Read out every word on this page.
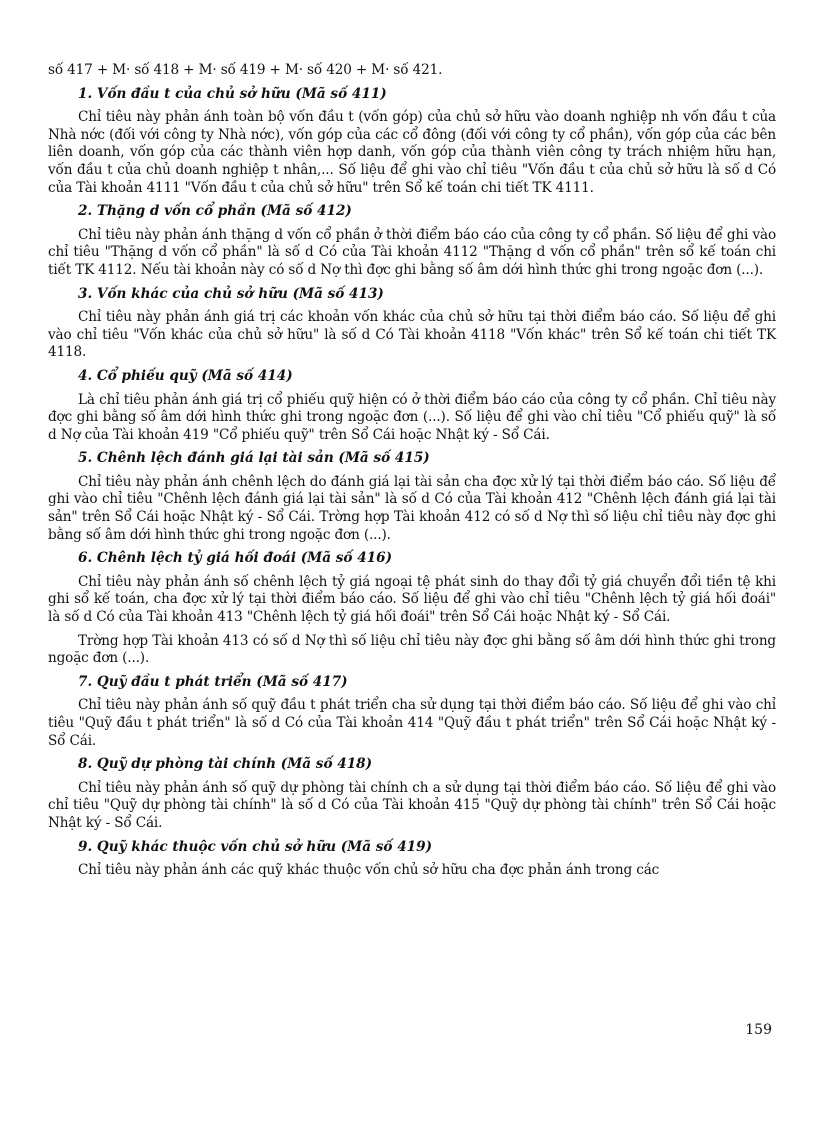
số 417 + M· số 418 + M· số 419 + M· số 420 + M· số 421.

1. Vốn đầu t của chủ sở hữu (Mã số 411)

Chỉ tiêu này phản ánh toàn bộ vốn đầu t (vốn góp) của chủ sở hữu vào doanh nghiệp nh vốn đầu t của Nhà nớc (đối với công ty Nhà nớc), vốn góp của các cổ đông (đối với công ty cổ phần), vốn góp của các bên liên doanh, vốn góp của các thành viên hợp danh, vốn góp của thành viên công ty trách nhiệm hữu hạn, vốn đầu t của chủ doanh nghiệp t nhân,... Số liệu để ghi vào chỉ tiêu "Vốn đầu t của chủ sở hữu là số d Có của Tài khoản 4111 "Vốn đầu t của chủ sở hữu" trên Sổ kế toán chi tiết TK 4111.

2. Thặng d vốn cổ phần (Mã số 412)

Chỉ tiêu này phản ánh thặng d vốn cổ phần ở thời điểm báo cáo của công ty cổ phần. Số liệu để ghi vào chỉ tiêu "Thặng d vốn cổ phần" là số d Có của Tài khoản 4112 "Thặng d vốn cổ phần" trên sổ kế toán chi tiết TK 4112. Nếu tài khoản này có số d Nợ thì đợc ghi bằng số âm dới hình thức ghi trong ngoặc đơn (...).

3. Vốn khác của chủ sở hữu (Mã số 413)

Chỉ tiêu này phản ánh giá trị các khoản vốn khác của chủ sở hữu tại thời điểm báo cáo. Số liệu để ghi vào chỉ tiêu "Vốn khác của chủ sở hữu" là số d Có Tài khoản 4118 "Vốn khác" trên Sổ kế toán chi tiết TK 4118.

4. Cổ phiếu quỹ (Mã số 414)

Là chỉ tiêu phản ánh giá trị cổ phiếu quỹ hiện có ở thời điểm báo cáo của công ty cổ phần. Chỉ tiêu này đợc ghi bằng số âm dới hình thức ghi trong ngoặc đơn (...). Số liệu để ghi vào chỉ tiêu "Cổ phiếu quỹ" là số d Nợ của Tài khoản 419 "Cổ phiếu quỹ" trên Sổ Cái hoặc Nhật ký - Sổ Cái.

5. Chênh lệch đánh giá lại tài sản (Mã số 415)

Chỉ tiêu này phản ánh chênh lệch do đánh giá lại tài sản cha đợc xử lý tại thời điểm báo cáo. Số liệu để ghi vào chỉ tiêu "Chênh lệch đánh giá lại tài sản" là số d Có của Tài khoản 412 "Chênh lệch đánh giá lại tài sản" trên Sổ Cái hoặc Nhật ký - Sổ Cái. Trờng hợp Tài khoản 412 có số d Nợ thì số liệu chỉ tiêu này đợc ghi bằng số âm dới hình thức ghi trong ngoặc đơn (...).

6. Chênh lệch tỷ giá hối đoái (Mã số 416)

Chỉ tiêu này phản ánh số chênh lệch tỷ giá ngoại tệ phát sinh do thay đổi tỷ giá chuyển đổi tiền tệ khi ghi sổ kế toán, cha đợc xử lý tại thời điểm báo cáo. Số liệu để ghi vào chỉ tiêu "Chênh lệch tỷ giá hối đoái" là số d Có của Tài khoản 413 "Chênh lệch tỷ giá hối đoái" trên Sổ Cái hoặc Nhật ký - Sổ Cái.

Trờng hợp Tài khoản 413 có số d Nợ thì số liệu chỉ tiêu này đợc ghi bằng số âm dới hình thức ghi trong ngoặc đơn (...).

7. Quỹ đầu t phát triển (Mã số 417)

Chỉ tiêu này phản ánh số quỹ đầu t phát triển cha sử dụng tại thời điểm báo cáo. Số liệu để ghi vào chỉ tiêu "Quỹ đầu t phát triển" là số d Có của Tài khoản 414 "Quỹ đầu t phát triển" trên Sổ Cái hoặc Nhật ký - Sổ Cái.

8. Quỹ dự phòng tài chính (Mã số 418)

Chỉ tiêu này phản ánh số quỹ dự phòng tài chính ch a sử dụng tại thời điểm báo cáo. Số liệu để ghi vào chỉ tiêu "Quỹ dự phòng tài chính" là số d Có của Tài khoản 415 "Quỹ dự phòng tài chính" trên Sổ Cái hoặc Nhật ký - Sổ Cái.

9. Quỹ khác thuộc vốn chủ sở hữu (Mã số 419)

Chỉ tiêu này phản ánh các quỹ khác thuộc vốn chủ sở hữu cha đợc phản ánh trong các

159
